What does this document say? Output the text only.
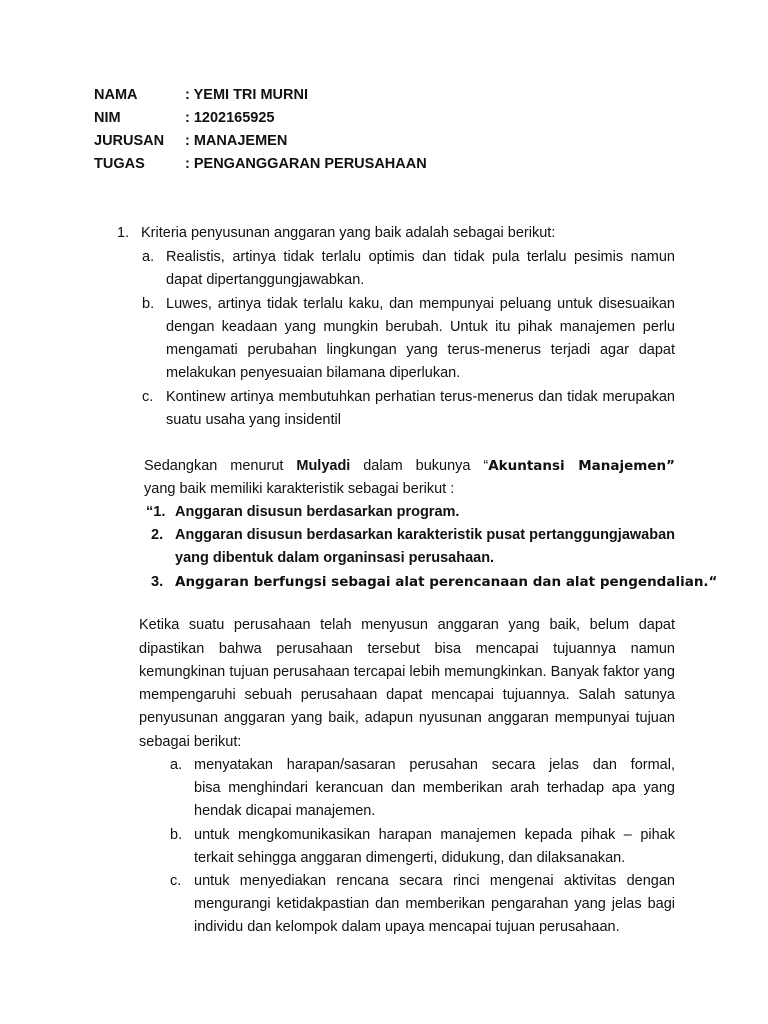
NAMA	: YEMI TRI MURNI
NIM	: 1202165925
JURUSAN : MANAJEMEN
TUGAS	: PENGANGGARAN PERUSAHAAN
1. Kriteria penyusunan anggaran yang baik adalah sebagai berikut:
a. Realistis, artinya tidak terlalu optimis dan tidak pula terlalu pesimis namun
dapat dipertanggungjawabkan.
b. Luwes, artinya tidak terlalu kaku, dan mempunyai peluang untuk disesuaikan
dengan keadaan yang mungkin berubah. Untuk itu pihak manajemen perlu
mengamati perubahan lingkungan yang terus-menerus terjadi agar dapat
melakukan penyesuaian bilamana diperlukan.
c. Kontinew artinya membutuhkan perhatian terus-menerus dan tidak merupakan
suatu usaha yang insidentil
Sedangkan menurut Mulyadi dalam bukunya “Akuntansi Manajemen”
yang baik memiliki karakteristik sebagai berikut :
“1. Anggaran disusun berdasarkan program.
2. Anggaran disusun berdasarkan karakteristik pusat pertanggungjawaban
yang dibentuk dalam organinsasi perusahaan.
3. Anggaran berfungsi sebagai alat perencanaan dan alat pengendalian.“
Ketika suatu perusahaan telah menyusun anggaran yang baik, belum dapat
dipastikan bahwa perusahaan tersebut bisa mencapai tujuannya namun
kemungkinan tujuan perusahaan tercapai lebih memungkinkan. Banyak faktor yang
mempengaruhi sebuah perusahaan dapat mencapai tujuannya. Salah satunya
penyusunan anggaran yang baik, adapun nyusunan anggaran mempunyai tujuan
sebagai berikut:
a. menyatakan harapan/sasaran perusahan secara jelas dan formal,
bisa menghindari kerancuan dan memberikan arah terhadap apa yang
hendak dicapai manajemen.
b. untuk mengkomunikasikan harapan manajemen kepada pihak – pihak
terkait sehingga anggaran dimengerti, didukung, dan dilaksanakan.
c. untuk menyediakan rencana secara rinci mengenai aktivitas dengan
mengurangi ketidakpastian dan memberikan pengarahan yang jelas bagi
individu dan kelompok dalam upaya mencapai tujuan perusahaan.
